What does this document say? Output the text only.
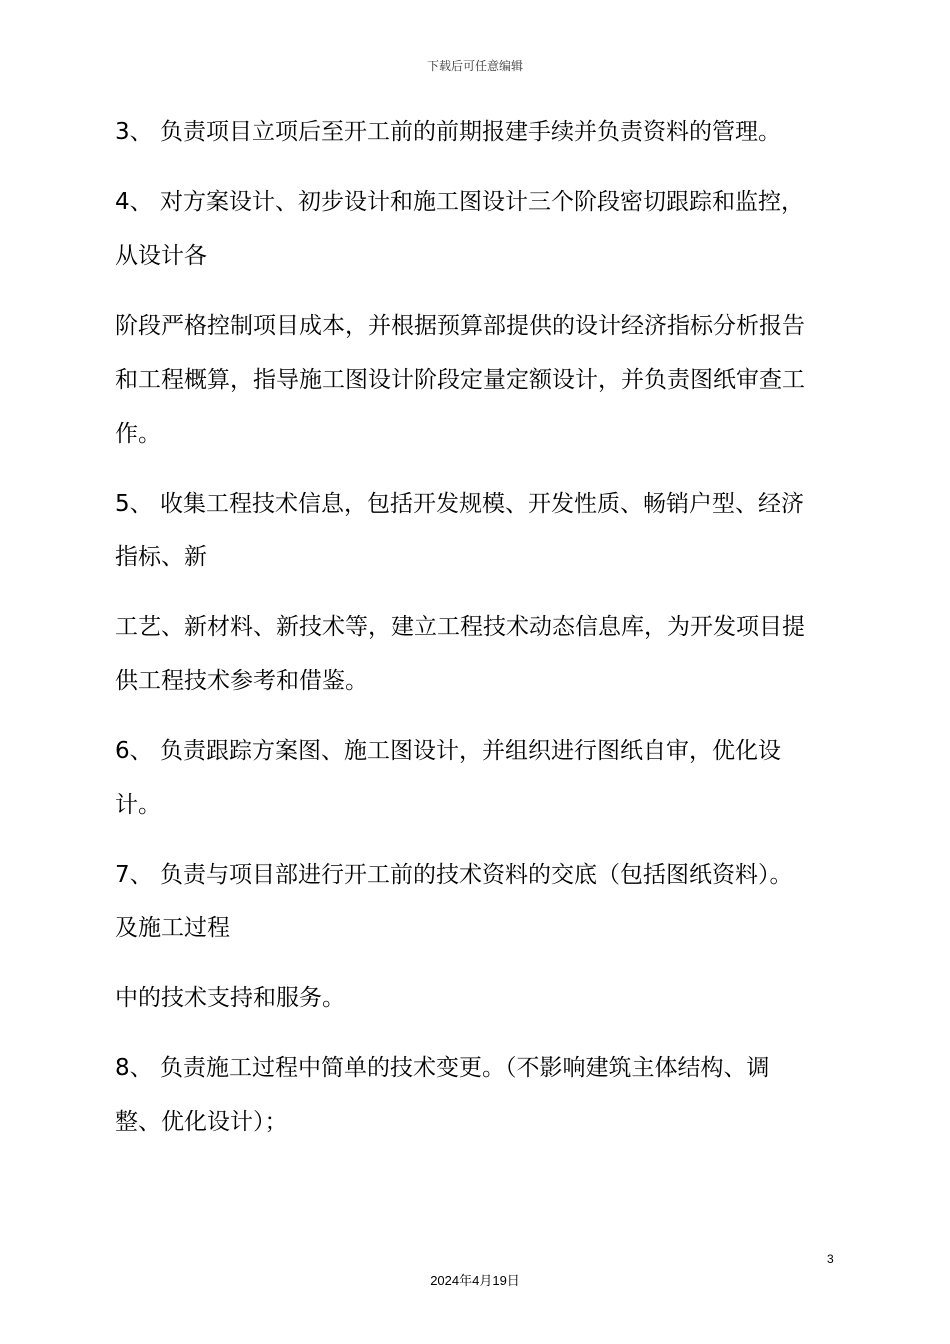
下载后可任意编辑
3、 负责项目立项后至开工前的前期报建手续并负责资料的管理。
4、 对方案设计、初步设计和施工图设计三个阶段密切跟踪和监控，
从设计各
阶段严格控制项目成本，并根据预算部提供的设计经济指标分析报告
和工程概算，指导施工图设计阶段定量定额设计，并负责图纸审查工
作。
5、 收集工程技术信息，包括开发规模、开发性质、畅销户型、经济
指标、新
工艺、新材料、新技术等，建立工程技术动态信息库，为开发项目提
供工程技术参考和借鉴。
6、 负责跟踪方案图、施工图设计，并组织进行图纸自审，优化设
计。
7、 负责与项目部进行开工前的技术资料的交底（包括图纸资料）。
及施工过程
中的技术支持和服务。
8、 负责施工过程中简单的技术变更。（不影响建筑主体结构、调
整、优化设计）；
3
2024年4月19日
